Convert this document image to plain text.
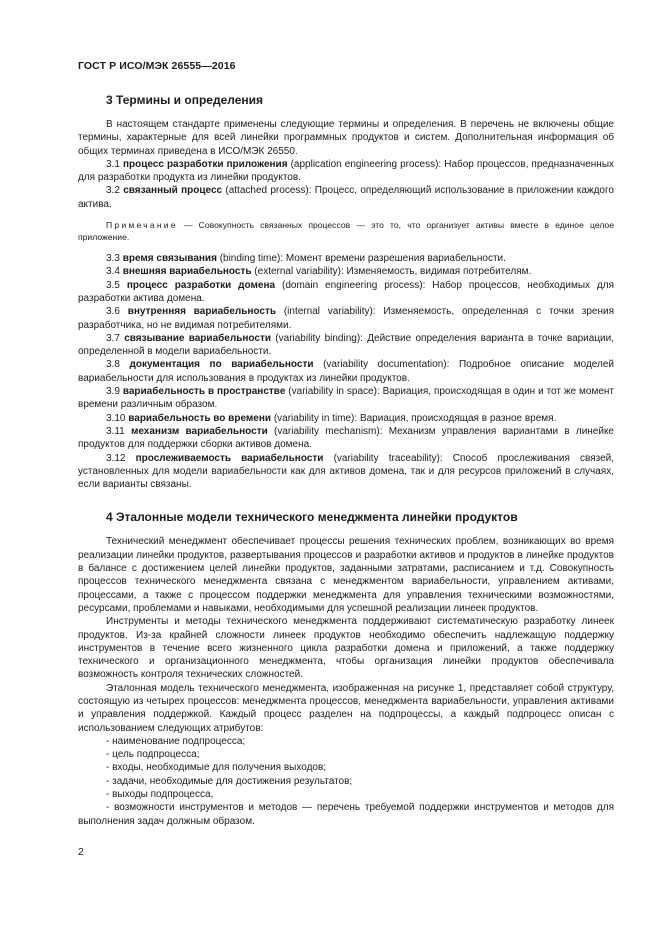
ГОСТ Р ИСО/МЭК 26555—2016
3 Термины и определения

В настоящем стандарте применены следующие термины и определения. В перечень не включены общие термины, характерные для всей линейки программных продуктов и систем. Дополнительная информация об общих терминах приведена в ИСО/МЭК 26550.

3.1 процесс разработки приложения (application engineering process): Набор процессов, предназначенных для разработки продукта из линейки продуктов.

3.2 связанный процесс (attached process): Процесс, определяющий использование в приложении каждого актива.

Примечание — Совокупность связанных процессов — это то, что организует активы вместе в единое целое приложение.

3.3 время связывания (binding time): Момент времени разрешения вариабельности.

3.4 внешняя вариабельность (external variability): Изменяемость, видимая потребителям.

3.5 процесс разработки домена (domain engineering process): Набор процессов, необходимых для разработки актива домена.

3.6 внутренняя вариабельность (internal variability): Изменяемость, определенная с точки зрения разработчика, но не видимая потребителями.

3.7 связывание вариабельности (variability binding): Действие определения варианта в точке вариации, определенной в модели вариабельности.

3.8 документация по вариабельности (variability documentation): Подробное описание моделей вариабельности для использования в продуктах из линейки продуктов.

3.9 вариабельность в пространстве (variability in space): Вариация, происходящая в один и тот же момент времени различным образом.

3.10 вариабельность во времени (variability in time): Вариация, происходящая в разное время.

3.11 механизм вариабельности (variability mechanism): Механизм управления вариантами в линейке продуктов для поддержки сборки активов домена.

3.12 прослеживаемость вариабельности (variability traceability): Способ прослеживания связей, установленных для модели вариабельности как для активов домена, так и для ресурсов приложений в случаях, если варианты связаны.

4 Эталонные модели технического менеджмента линейки продуктов

Технический менеджмент обеспечивает процессы решения технических проблем, возникающих во время реализации линейки продуктов, развертывания процессов и разработки активов и продуктов в линейке продуктов в балансе с достижением целей линейки продуктов, заданными затратами, расписанием и т.д. Совокупность процессов технического менеджмента связана с менеджментом вариабельности, управлением активами, процессами, а также с процессом поддержки менеджмента для управления техническими возможностями, ресурсами, проблемами и навыками, необходимыми для успешной реализации линеек продуктов.

Инструменты и методы технического менеджмента поддерживают систематическую разработку линеек продуктов. Из-за крайней сложности линеек продуктов необходимо обеспечить надлежащую поддержку инструментов в течение всего жизненного цикла разработки домена и приложений, а также поддержку технического и организационного менеджмента, чтобы организация линейки продуктов обеспечивала возможность контроля технических сложностей.

Эталонная модель технического менеджмента, изображенная на рисунке 1, представляет собой структуру, состоящую из четырех процессов: менеджмента процессов, менеджмента вариабельности, управления активами и управления поддержкой. Каждый процесс разделен на подпроцессы, а каждый подпроцесс описан с использованием следующих атрибутов:

- наименование подпроцесса;
- цель подпроцесса;
- входы, необходимые для получения выходов;
- задачи, необходимые для достижения результатов;
- выходы подпроцесса,
- возможности инструментов и методов — перечень требуемой поддержки инструментов и методов для выполнения задач должным образом.
2
